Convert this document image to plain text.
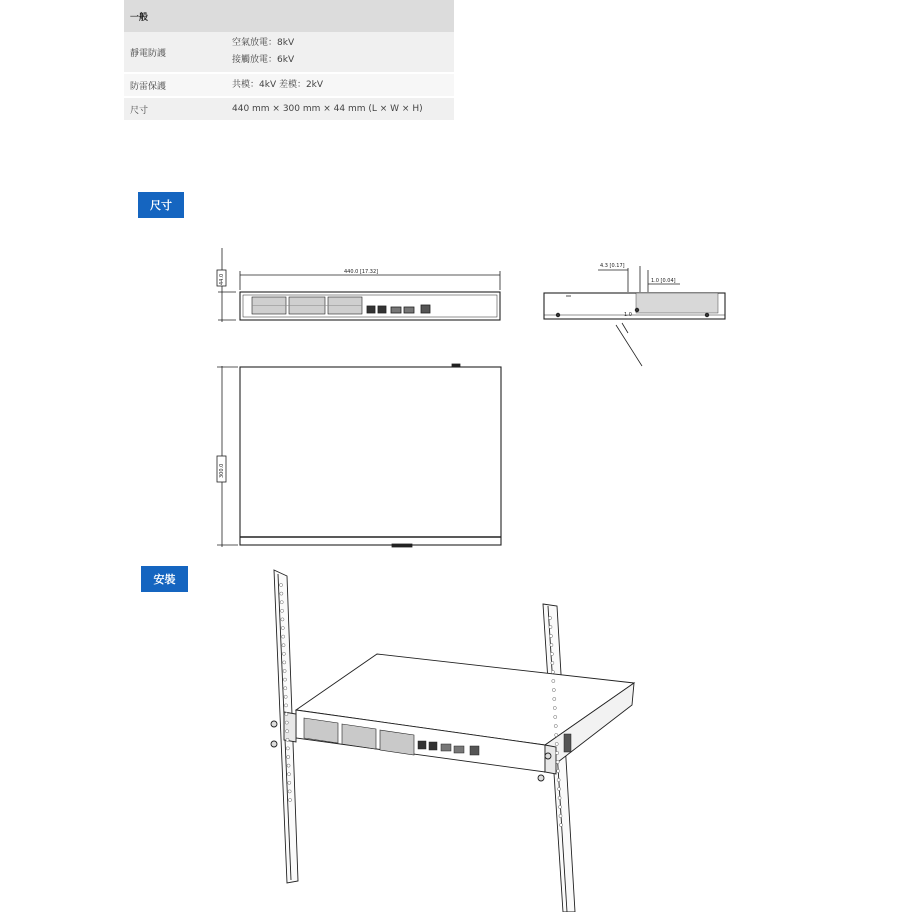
一般	
靜電防護	空氣放電：8kV
接觸放電：6kV

防雷保護	共模：4kV 差模：2kV

尺寸	440 mm × 300 mm × 44 mm (L × W × H)
尺寸
安裝
440.0 [17.32]
44.0
4.3 [0.17]
1.0 [0.04]
1.0
300.0
